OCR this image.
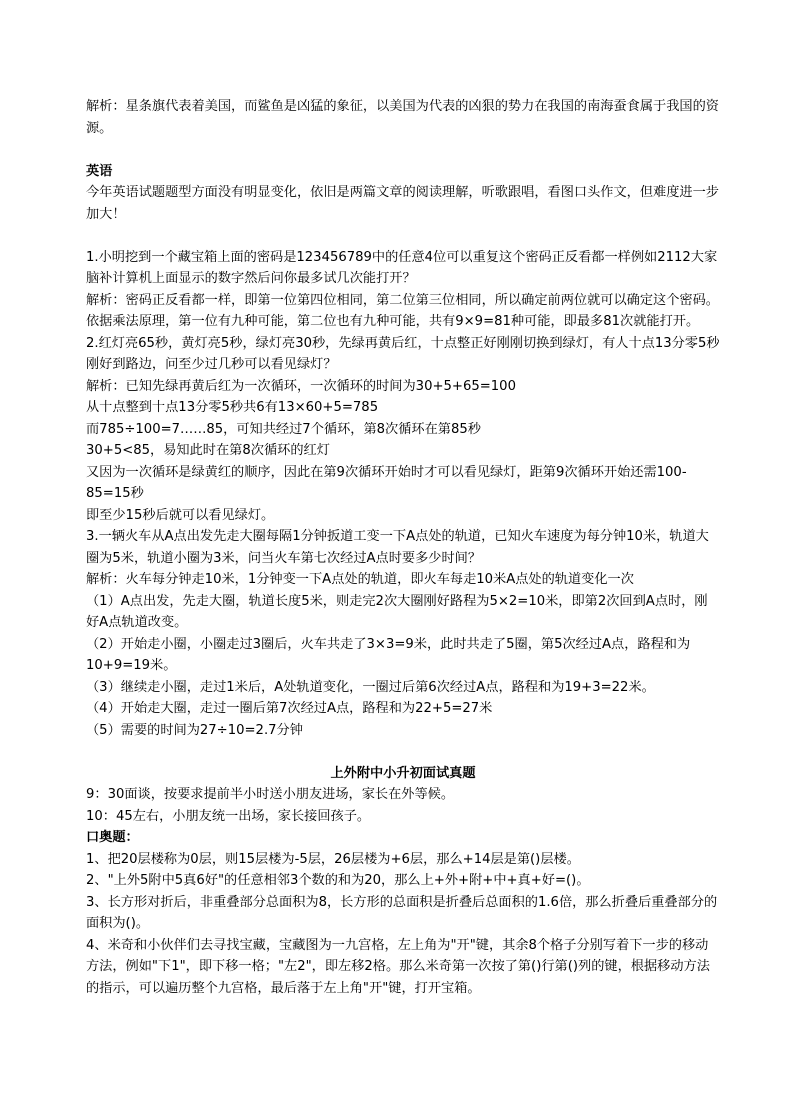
解析：星条旗代表着美国，而鲨鱼是凶猛的象征，以美国为代表的凶狠的势力在我国的南海蚕食属于我国的资源。

英语

今年英语试题题型方面没有明显变化，依旧是两篇文章的阅读理解，听歌跟唱，看图口头作文，但难度进一步加大！

1.小明挖到一个藏宝箱上面的密码是123456789中的任意4位可以重复这个密码正反看都一样例如2112大家脑补计算机上面显示的数字然后问你最多试几次能打开？

解析：密码正反看都一样，即第一位第四位相同，第二位第三位相同，所以确定前两位就可以确定这个密码。依据乘法原理，第一位有九种可能，第二位也有九种可能，共有9×9=81种可能，即最多81次就能打开。

2.红灯亮65秒，黄灯亮5秒，绿灯亮30秒，先绿再黄后红，十点整正好刚刚切换到绿灯，有人十点13分零5秒刚好到路边，问至少过几秒可以看见绿灯？

解析：已知先绿再黄后红为一次循环，一次循环的时间为30+5+65=100

从十点整到十点13分零5秒共6有13×60+5=785

而785÷100=7……85，可知共经过7个循环，第8次循环在第85秒

30+5<85，易知此时在第8次循环的红灯

又因为一次循环是绿黄红的顺序，因此在第9次循环开始时才可以看见绿灯，距第9次循环开始还需100-85=15秒

即至少15秒后就可以看见绿灯。

3.一辆火车从A点出发先走大圈每隔1分钟扳道工变一下A点处的轨道，已知火车速度为每分钟10米，轨道大圈为5米，轨道小圈为3米，问当火车第七次经过A点时要多少时间？

解析：火车每分钟走10米，1分钟变一下A点处的轨道，即火车每走10米A点处的轨道变化一次

（1）A点出发，先走大圈，轨道长度5米，则走完2次大圈刚好路程为5×2=10米，即第2次回到A点时，刚好A点轨道改变。

（2）开始走小圈，小圈走过3圈后，火车共走了3×3=9米，此时共走了5圈，第5次经过A点，路程和为10+9=19米。

（3）继续走小圈，走过1米后，A处轨道变化，一圈过后第6次经过A点，路程和为19+3=22米。

（4）开始走大圈，走过一圈后第7次经过A点，路程和为22+5=27米

（5）需要的时间为27÷10=2.7分钟

上外附中小升初面试真题

9：30面谈，按要求提前半小时送小朋友进场，家长在外等候。

10：45左右，小朋友统一出场，家长接回孩子。

口奥题：

1、把20层楼称为0层，则15层楼为-5层，26层楼为+6层，那么+14层是第()层楼。

2、"上外5附中5真6好"的任意相邻3个数的和为20，那么上+外+附+中+真+好=()。

3、长方形对折后，非重叠部分总面积为8，长方形的总面积是折叠后总面积的1.6倍，那么折叠后重叠部分的面积为()。

4、米奇和小伙伴们去寻找宝藏，宝藏图为一九宫格，左上角为"开"键，其余8个格子分别写着下一步的移动方法，例如"下1"，即下移一格；"左2"，即左移2格。那么米奇第一次按了第()行第()列的键，根据移动方法的指示，可以遍历整个九宫格，最后落于左上角"开"键，打开宝箱。
